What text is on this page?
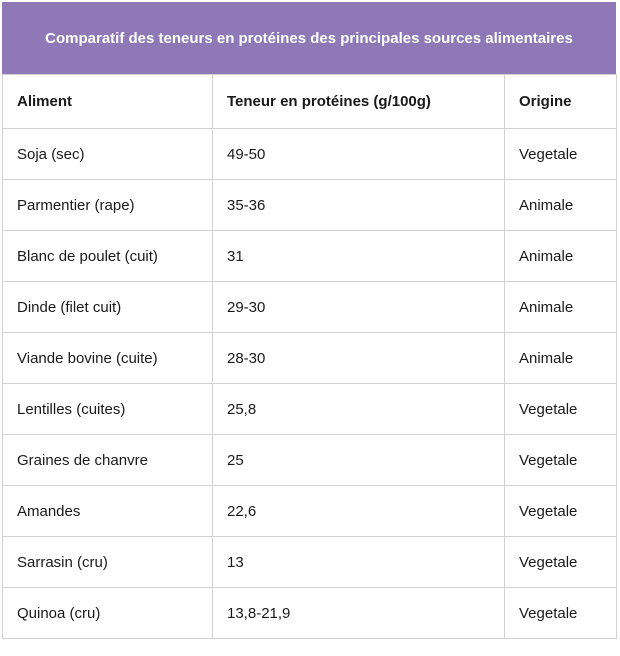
Comparatif des teneurs en protéines des principales sources alimentaires
Aliment	Teneur en protéines (g/100g)	Origine
Soja (sec)	49-50	Vegetale
Parmentier (rape)	35-36	Animale
Blanc de poulet (cuit)	31	Animale
Dinde (filet cuit)	29-30	Animale
Viande bovine (cuite)	28-30	Animale
Lentilles (cuites)	25,8	Vegetale
Graines de chanvre	25	Vegetale
Amandes	22,6	Vegetale
Sarrasin (cru)	13	Vegetale
Quinoa (cru)	13,8-21,9	Vegetale
